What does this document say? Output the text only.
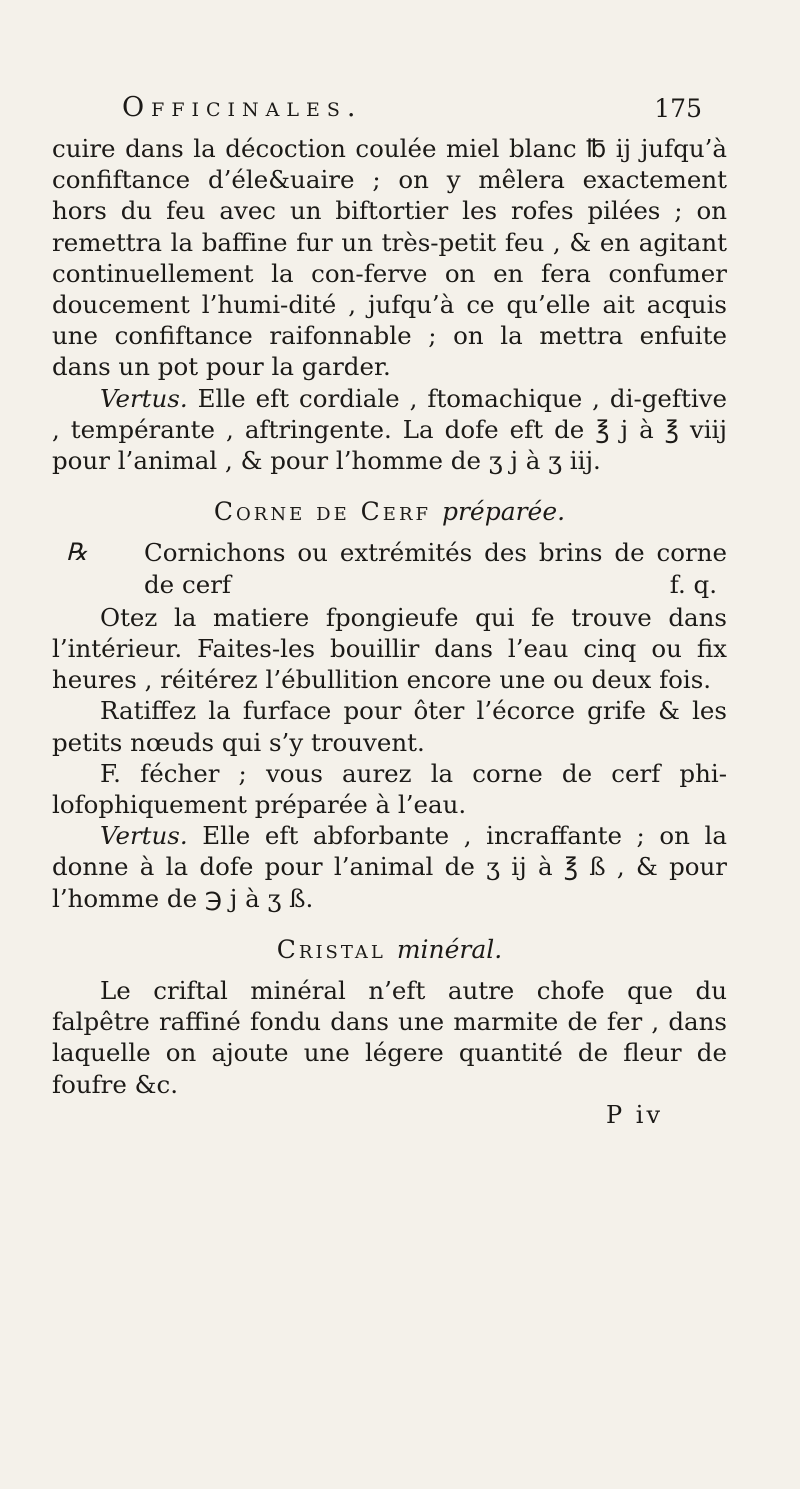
Officinales.	175

cuire dans la décoction coulée miel blanc ℔ ij jufqu’à confiftance d’éle&uaire ; on y mêlera exactement hors du feu avec un biftortier les rofes pilées ; on remettra la baffine fur un très-petit feu , & en agitant continuellement la con-ferve on en fera confumer doucement l’humi-dité , jufqu’à ce qu’elle ait acquis une confiftance raifonnable ; on la mettra enfuite dans un pot pour la garder.

Vertus. Elle eft cordiale , ftomachique , di-geftive , tempérante , aftringente. La dofe eft de ℥ j à ℥ viij pour l’animal , & pour l’homme de ʒ j à ʒ iij.

Corne de Cerf préparée.
℞	Cornichons ou extrémités des brins de corne de cerf	f. q.

Otez la matiere fpongieufe qui fe trouve dans l’intérieur. Faites-les bouillir dans l’eau cinq ou fix heures , réitérez l’ébullition encore une ou deux fois.

Ratiffez la furface pour ôter l’écorce grife & les petits nœuds qui s’y trouvent.

F. fécher ; vous aurez la corne de cerf phi-lofophiquement préparée à l’eau.

Vertus. Elle eft abforbante , incraffante ; on la donne à la dofe pour l’animal de ʒ ij à ℥ ß , & pour l’homme de ℈ j à ʒ ß.

Cristal minéral.

Le criftal minéral n’eft autre chofe que du falpêtre raffiné fondu dans une marmite de fer , dans laquelle on ajoute une légere quantité de fleur de foufre &c.

P iv
